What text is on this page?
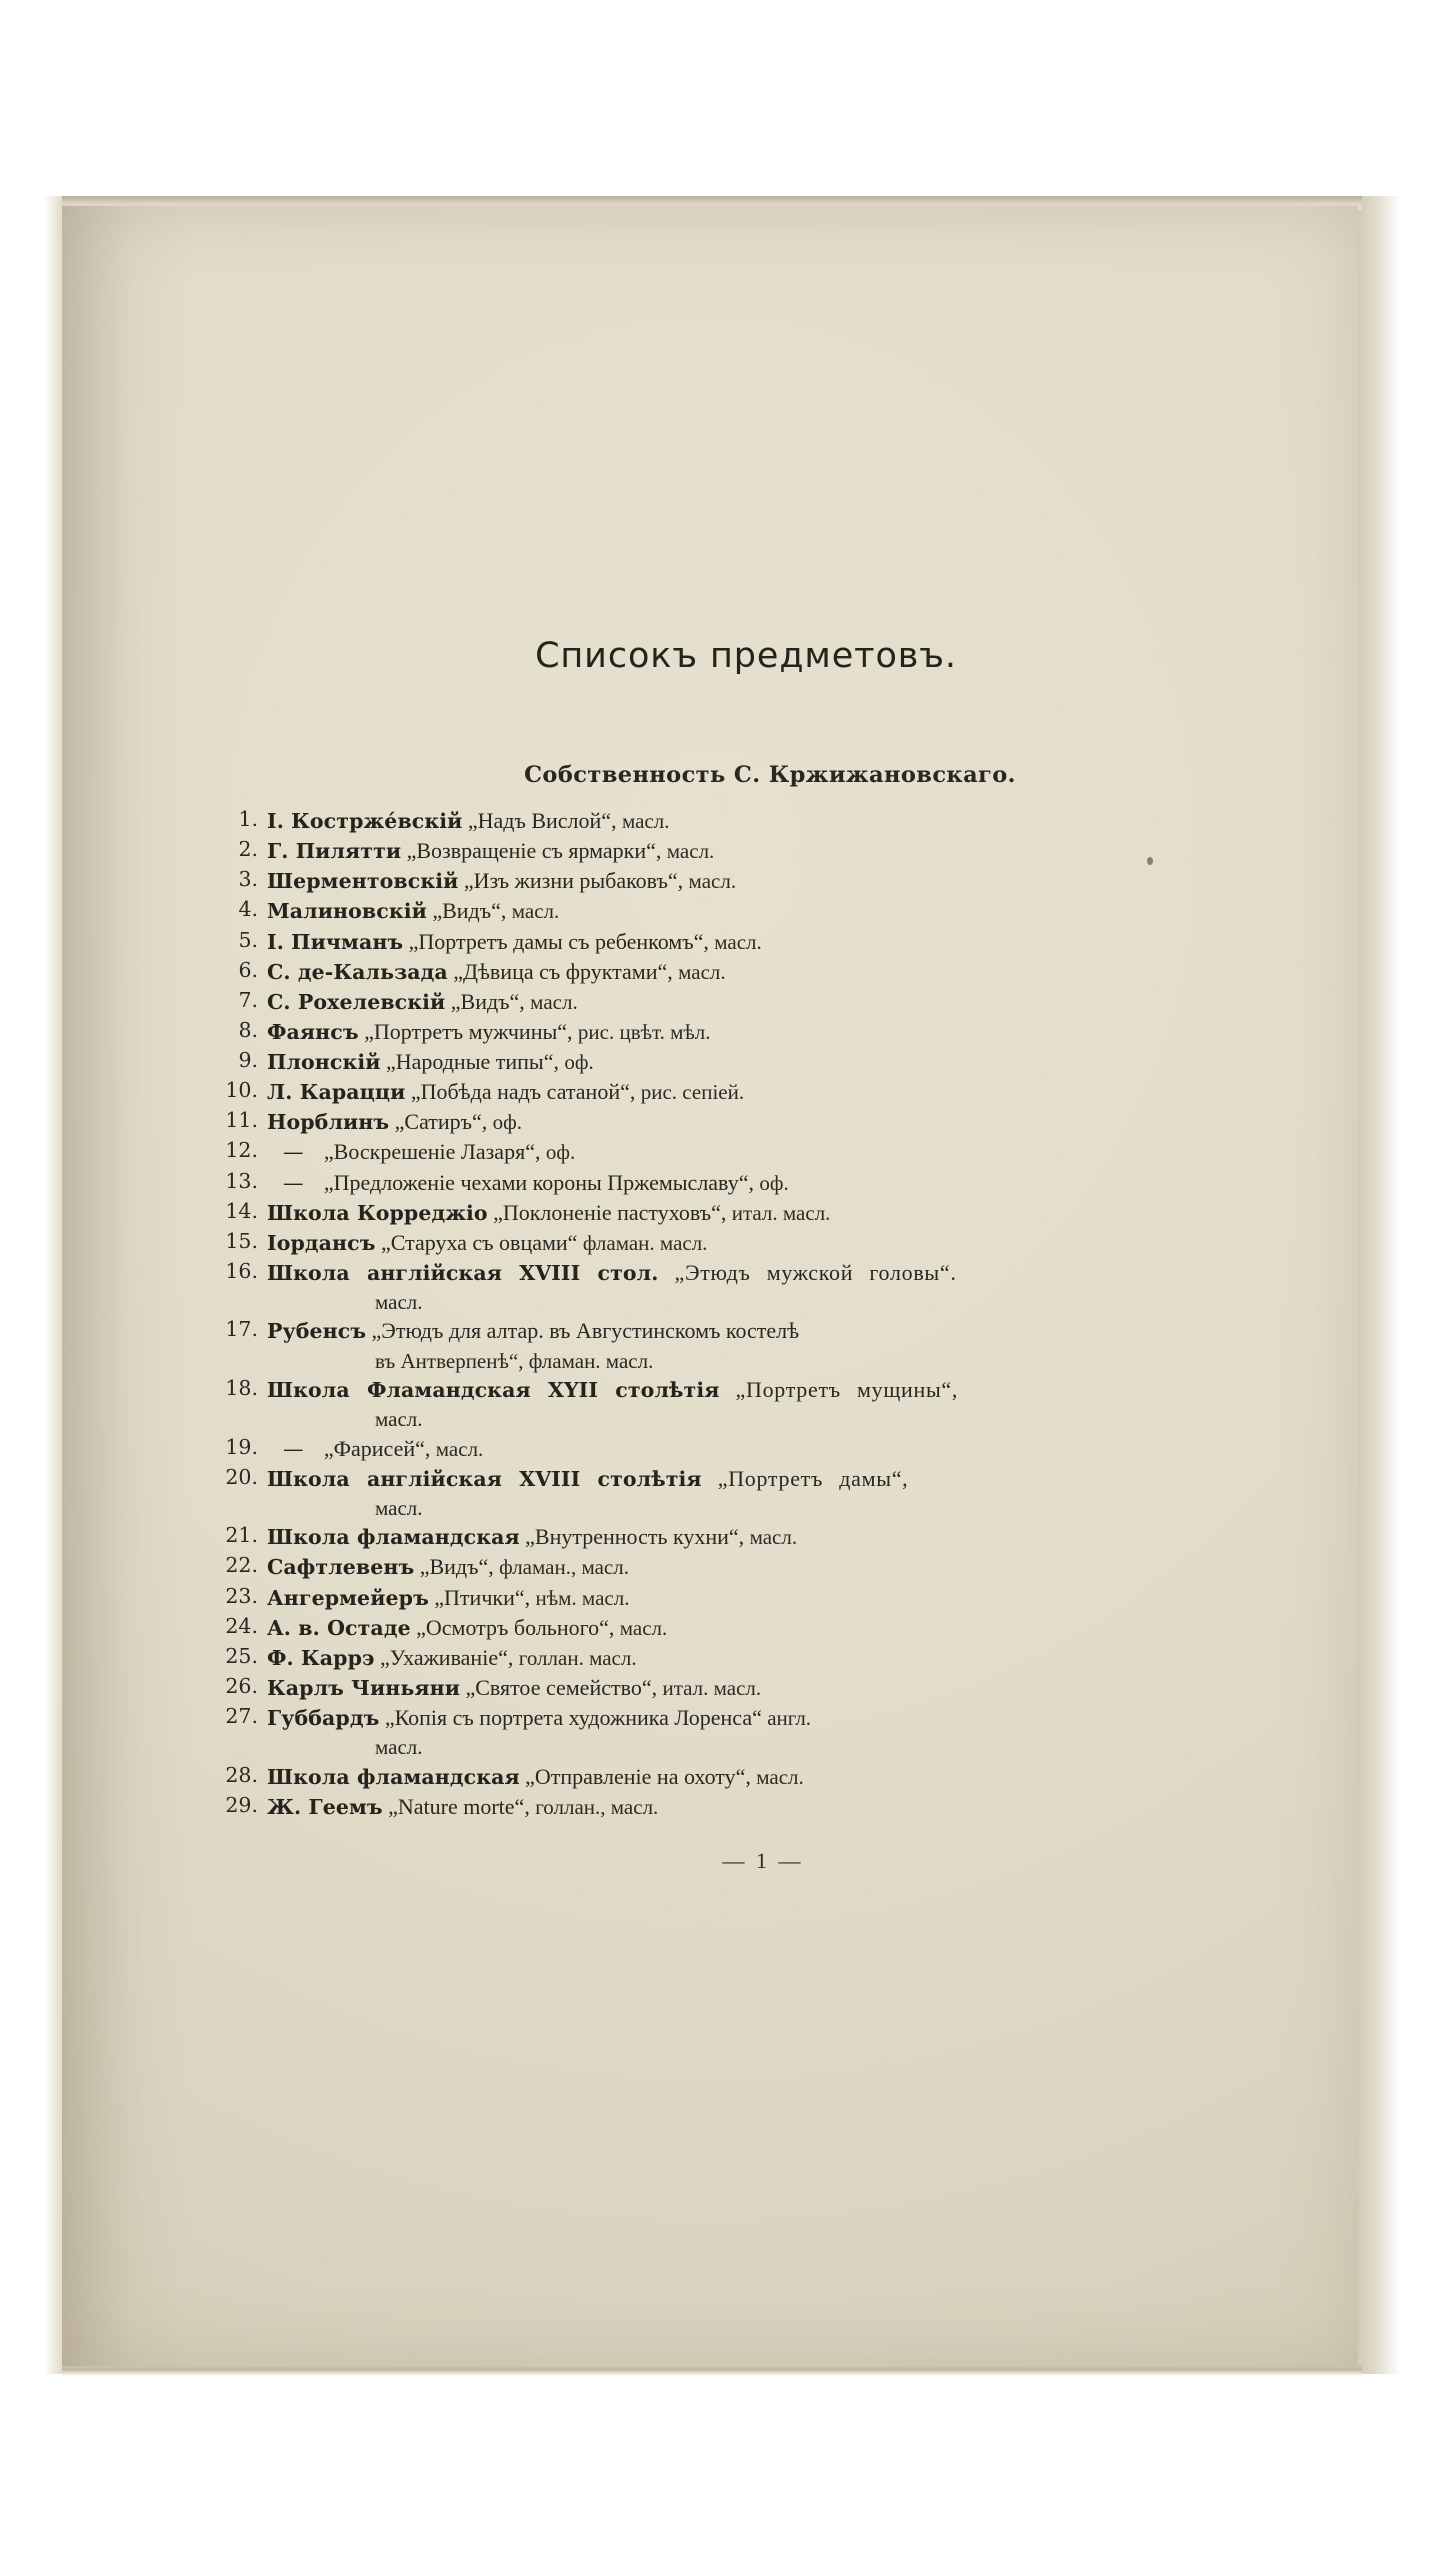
Списокъ предметовъ.
Собственность С. Кржижановскаго.
1. I. Кострже́вскiй „Надъ Вислой“, масл.
2. Г. Пилятти „Возвращенiе съ ярмарки“, масл.
3. Шерментовскiй „Изъ жизни рыбаковъ“, масл.
4. Малиновскiй „Видъ“, масл.
5. I. Пичманъ „Портретъ дамы съ ребенкомъ“, масл.
6. С. де-Кальзада „Дѣвица съ фруктами“, масл.
7. С. Рохелевскiй „Видъ“, масл.
8. Фаянсъ „Портретъ мужчины“, рис. цвѣт. мѣл.
9. Плонскiй „Народные типы“, оф.
10. Л. Карацци „Побѣда надъ сатаной“, рис. сепiей.
11. Норблинъ „Сатиръ“, оф.
12.	— „Воскрешенiе Лазаря“, оф.
13.	— „Предложенiе чехами короны Пржемыславу“, оф.
14. Школа Корреджiо „Поклоненiе пастуховъ“, итал. масл.
15. Iордансъ „Старуха съ овцами“ фламан. масл.
16. Школа англiйская XVIII стол. „Этюдъ мужской головы“.
масл.
17. Рубенсъ „Этюдъ для алтар. въ Августинскомъ костелѣ
въ Антверпенѣ“, фламан. масл.
18. Школа Фламандская XYII столѣтiя „Портретъ мущины“,
масл.
19.	— „Фарисей“, масл.
20. Школа англiйская XVIII столѣтiя „Портретъ дамы“,
масл.
21. Школа фламандская „Внутренность кухни“, масл.
22. Сафтлевенъ „Видъ“, фламан., масл.
23. Ангермейеръ „Птички“, нѣм. масл.
24. А. в. Остаде „Осмотръ больного“, масл.
25. Ф. Каррэ „Ухаживанiе“, голлан. масл.
26. Карлъ Чиньяни „Святое семейство“, итал. масл.
27. Губбардъ „Копiя съ портрета художника Лоренса“ англ.
масл.
28. Школа фламандская „Отправленiе на охоту“, масл.
29. Ж. Геемъ „Nature morte“, голлан., масл.
— 1 —
